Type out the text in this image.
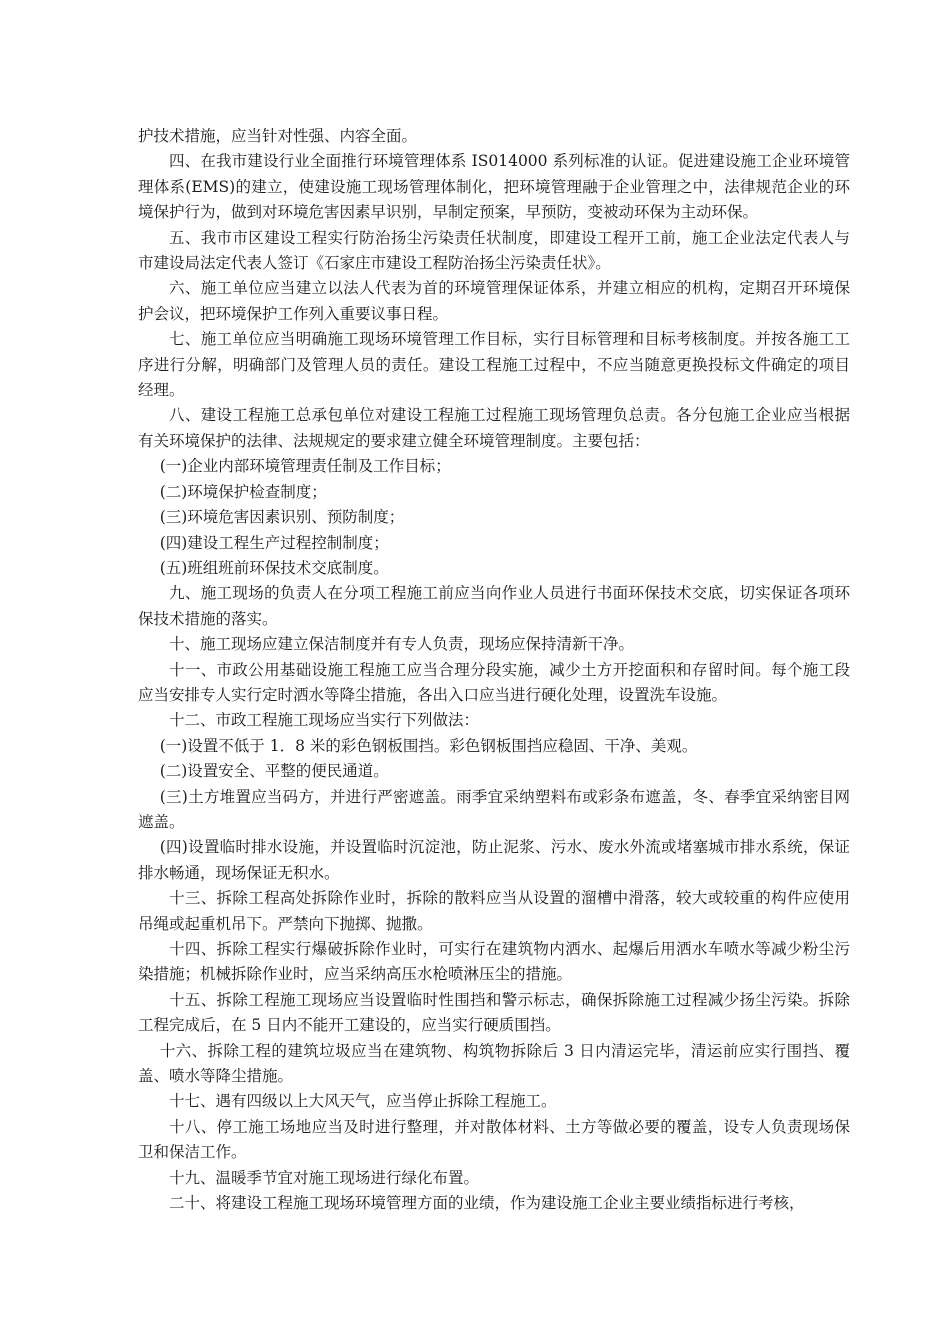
护技术措施，应当针对性强、内容全面。

四、在我市建设行业全面推行环境管理体系 IS014000 系列标准的认证。促进建设施工企业环境管理体系(EMS)的建立，使建设施工现场管理体制化，把环境管理融于企业管理之中，法律规范企业的环境保护行为，做到对环境危害因素早识别，早制定预案，早预防，变被动环保为主动环保。

五、我市市区建设工程实行防治扬尘污染责任状制度，即建设工程开工前，施工企业法定代表人与市建设局法定代表人签订《石家庄市建设工程防治扬尘污染责任状》。

六、施工单位应当建立以法人代表为首的环境管理保证体系，并建立相应的机构，定期召开环境保护会议，把环境保护工作列入重要议事日程。

七、施工单位应当明确施工现场环境管理工作目标，实行目标管理和目标考核制度。并按各施工工序进行分解，明确部门及管理人员的责任。建设工程施工过程中，不应当随意更换投标文件确定的项目经理。

八、建设工程施工总承包单位对建设工程施工过程施工现场管理负总责。各分包施工企业应当根据有关环境保护的法律、法规规定的要求建立健全环境管理制度。主要包括：

(一)企业内部环境管理责任制及工作目标；

(二)环境保护检查制度；

(三)环境危害因素识别、预防制度；

(四)建设工程生产过程控制制度；

(五)班组班前环保技术交底制度。

九、施工现场的负责人在分项工程施工前应当向作业人员进行书面环保技术交底，切实保证各项环保技术措施的落实。

十、施工现场应建立保洁制度并有专人负责，现场应保持清新干净。

十一、市政公用基础设施工程施工应当合理分段实施，减少土方开挖面积和存留时间。每个施工段应当安排专人实行定时洒水等降尘措施，各出入口应当进行硬化处理，设置洗车设施。

十二、市政工程施工现场应当实行下列做法：

(一)设置不低于 1．8 米的彩色钢板围挡。彩色钢板围挡应稳固、干净、美观。

(二)设置安全、平整的便民通道。

(三)土方堆置应当码方，并进行严密遮盖。雨季宜采纳塑料布或彩条布遮盖，冬、春季宜采纳密目网遮盖。

(四)设置临时排水设施，并设置临时沉淀池，防止泥浆、污水、废水外流或堵塞城市排水系统，保证排水畅通，现场保证无积水。

十三、拆除工程高处拆除作业时，拆除的散料应当从设置的溜槽中滑落，较大或较重的构件应使用吊绳或起重机吊下。严禁向下抛掷、抛撒。

十四、拆除工程实行爆破拆除作业时，可实行在建筑物内洒水、起爆后用洒水车喷水等减少粉尘污染措施；机械拆除作业时，应当采纳高压水枪喷淋压尘的措施。

十五、拆除工程施工现场应当设置临时性围挡和警示标志，确保拆除施工过程减少扬尘污染。拆除工程完成后，在 5 日内不能开工建设的，应当实行硬质围挡。

十六、拆除工程的建筑垃圾应当在建筑物、构筑物拆除后 3 日内清运完毕，清运前应实行围挡、覆盖、喷水等降尘措施。

十七、遇有四级以上大风天气，应当停止拆除工程施工。

十八、停工施工场地应当及时进行整理，并对散体材料、土方等做必要的覆盖，设专人负责现场保卫和保洁工作。

十九、温暖季节宜对施工现场进行绿化布置。

二十、将建设工程施工现场环境管理方面的业绩，作为建设施工企业主要业绩指标进行考核，
